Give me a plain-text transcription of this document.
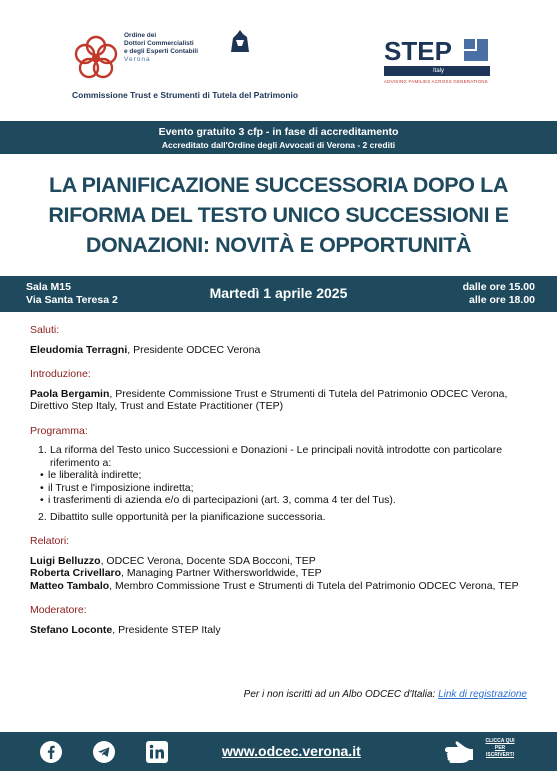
Ordine dei
Dottori Commercialisti
e degli Esperti Contabili
Verona
Commissione Trust e Strumenti di Tutela del Patrimonio
STEP
Italy
ADVISING FAMILIES ACROSS GENERATIONS
Evento gratuito 3 cfp - in fase di accreditamento
Accreditato dall'Ordine degli Avvocati di Verona - 2 crediti
LA PIANIFICAZIONE SUCCESSORIA DOPO LA RIFORMA DEL TESTO UNICO SUCCESSIONI E DONAZIONI: NOVITÀ E OPPORTUNITÀ
Sala M15
Via Santa Teresa 2	Martedì 1 aprile 2025	dalle ore 15.00
alle ore 18.00
Saluti:

Eleudomia Terragni, Presidente ODCEC Verona

Introduzione:

Paola Bergamin, Presidente Commissione Trust e Strumenti di Tutela del Patrimonio ODCEC Verona, Direttivo Step Italy, Trust and Estate Practitioner (TEP)

Programma:
1. La riforma del Testo unico Successioni e Donazioni - Le principali novità introdotte con particolare riferimento a:
• le liberalità indirette;
• il Trust e l'imposizione indiretta;
• i trasferimenti di azienda e/o di partecipazioni (art. 3, comma 4 ter del Tus).
2. Dibattito sulle opportunità per la pianificazione successoria.
Relatori:

Luigi Belluzzo, ODCEC Verona, Docente SDA Bocconi, TEP

Roberta Crivellaro, Managing Partner Withersworldwide, TEP

Matteo Tambalo, Membro Commissione Trust e Strumenti di Tutela del Patrimonio ODCEC Verona, TEP

Moderatore:

Stefano Loconte, Presidente STEP Italy

Per i non iscritti ad un Albo ODCEC d'Italia: Link di registrazione
www.odcec.verona.it
CLICCA QUI PER ISCRIVERTI
